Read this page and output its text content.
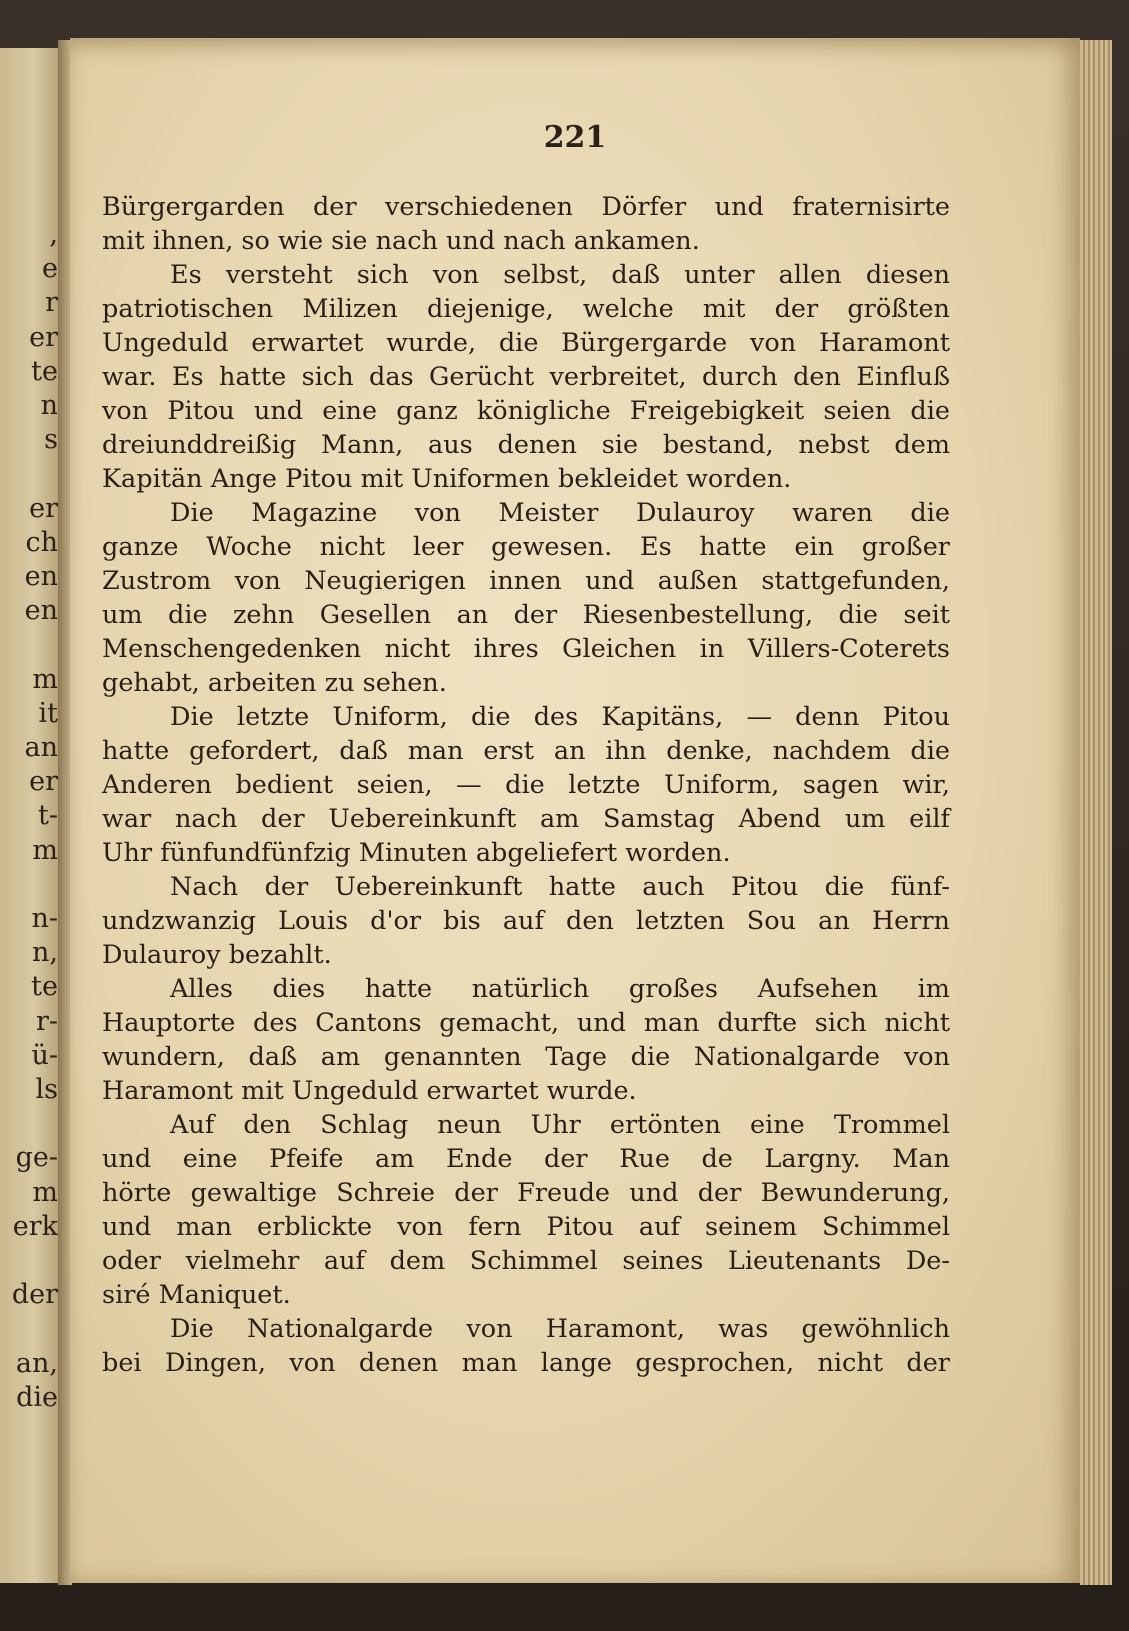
,
e
r
er
te
n
s
er
ch
en
en
m
it
an
er
t-
m
n-
n,
te
r-
ü-
ls
ge-
m
erk
der
an,
die
221
Bürgergarden der verschiedenen Dörfer und fraternisirte
mit ihnen, so wie sie nach und nach ankamen.
Es versteht sich von selbst, daß unter allen diesen
patriotischen Milizen diejenige, welche mit der größten
Ungeduld erwartet wurde, die Bürgergarde von Haramont
war. Es hatte sich das Gerücht verbreitet, durch den Einfluß
von Pitou und eine ganz königliche Freigebigkeit seien die
dreiunddreißig Mann, aus denen sie bestand, nebst dem
Kapitän Ange Pitou mit Uniformen bekleidet worden.
Die Magazine von Meister Dulauroy waren die
ganze Woche nicht leer gewesen. Es hatte ein großer
Zustrom von Neugierigen innen und außen stattgefunden,
um die zehn Gesellen an der Riesenbestellung, die seit
Menschengedenken nicht ihres Gleichen in Villers-Coterets
gehabt, arbeiten zu sehen.
Die letzte Uniform, die des Kapitäns, — denn Pitou
hatte gefordert, daß man erst an ihn denke, nachdem die
Anderen bedient seien, — die letzte Uniform, sagen wir,
war nach der Uebereinkunft am Samstag Abend um eilf
Uhr fünfundfünfzig Minuten abgeliefert worden.
Nach der Uebereinkunft hatte auch Pitou die fünf-
undzwanzig Louis d'or bis auf den letzten Sou an Herrn
Dulauroy bezahlt.
Alles dies hatte natürlich großes Aufsehen im
Hauptorte des Cantons gemacht, und man durfte sich nicht
wundern, daß am genannten Tage die Nationalgarde von
Haramont mit Ungeduld erwartet wurde.
Auf den Schlag neun Uhr ertönten eine Trommel
und eine Pfeife am Ende der Rue de Largny. Man
hörte gewaltige Schreie der Freude und der Bewunderung,
und man erblickte von fern Pitou auf seinem Schimmel
oder vielmehr auf dem Schimmel seines Lieutenants De-
siré Maniquet.
Die Nationalgarde von Haramont, was gewöhnlich
bei Dingen, von denen man lange gesprochen, nicht der
